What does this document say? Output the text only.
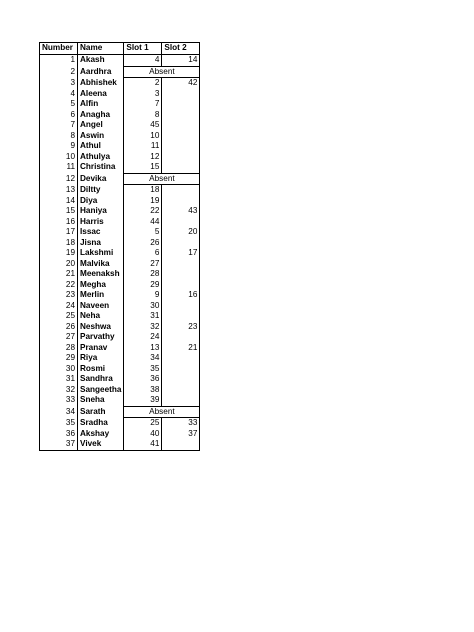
Number	Name	Slot 1	Slot 2
1	Akash	4	14
2	Aardhra	Absent	
3	Abhishek	2	42
4	Aleena	3	
5	Alfin	7	
6	Anagha	8	
7	Angel	45	
8	Aswin	10	
9	Athul	11	
10	Athulya	12	
11	Christina	15	
12	Devika	Absent	
13	Diltty	18	
14	Diya	19	
15	Haniya	22	43
16	Harris	44	
17	Issac	5	20
18	Jisna	26	
19	Lakshmi	6	17
20	Malvika	27	
21	Meenaksh	28	
22	Megha	29	
23	Merlin	9	16
24	Naveen	30	
25	Neha	31	
26	Neshwa	32	23
27	Parvathy	24	
28	Pranav	13	21
29	Riya	34	
30	Rosmi	35	
31	Sandhra	36	
32	Sangeetha	38	
33	Sneha	39	
34	Sarath	Absent	
35	Sradha	25	33
36	Akshay	40	37
37	Vivek	41	
